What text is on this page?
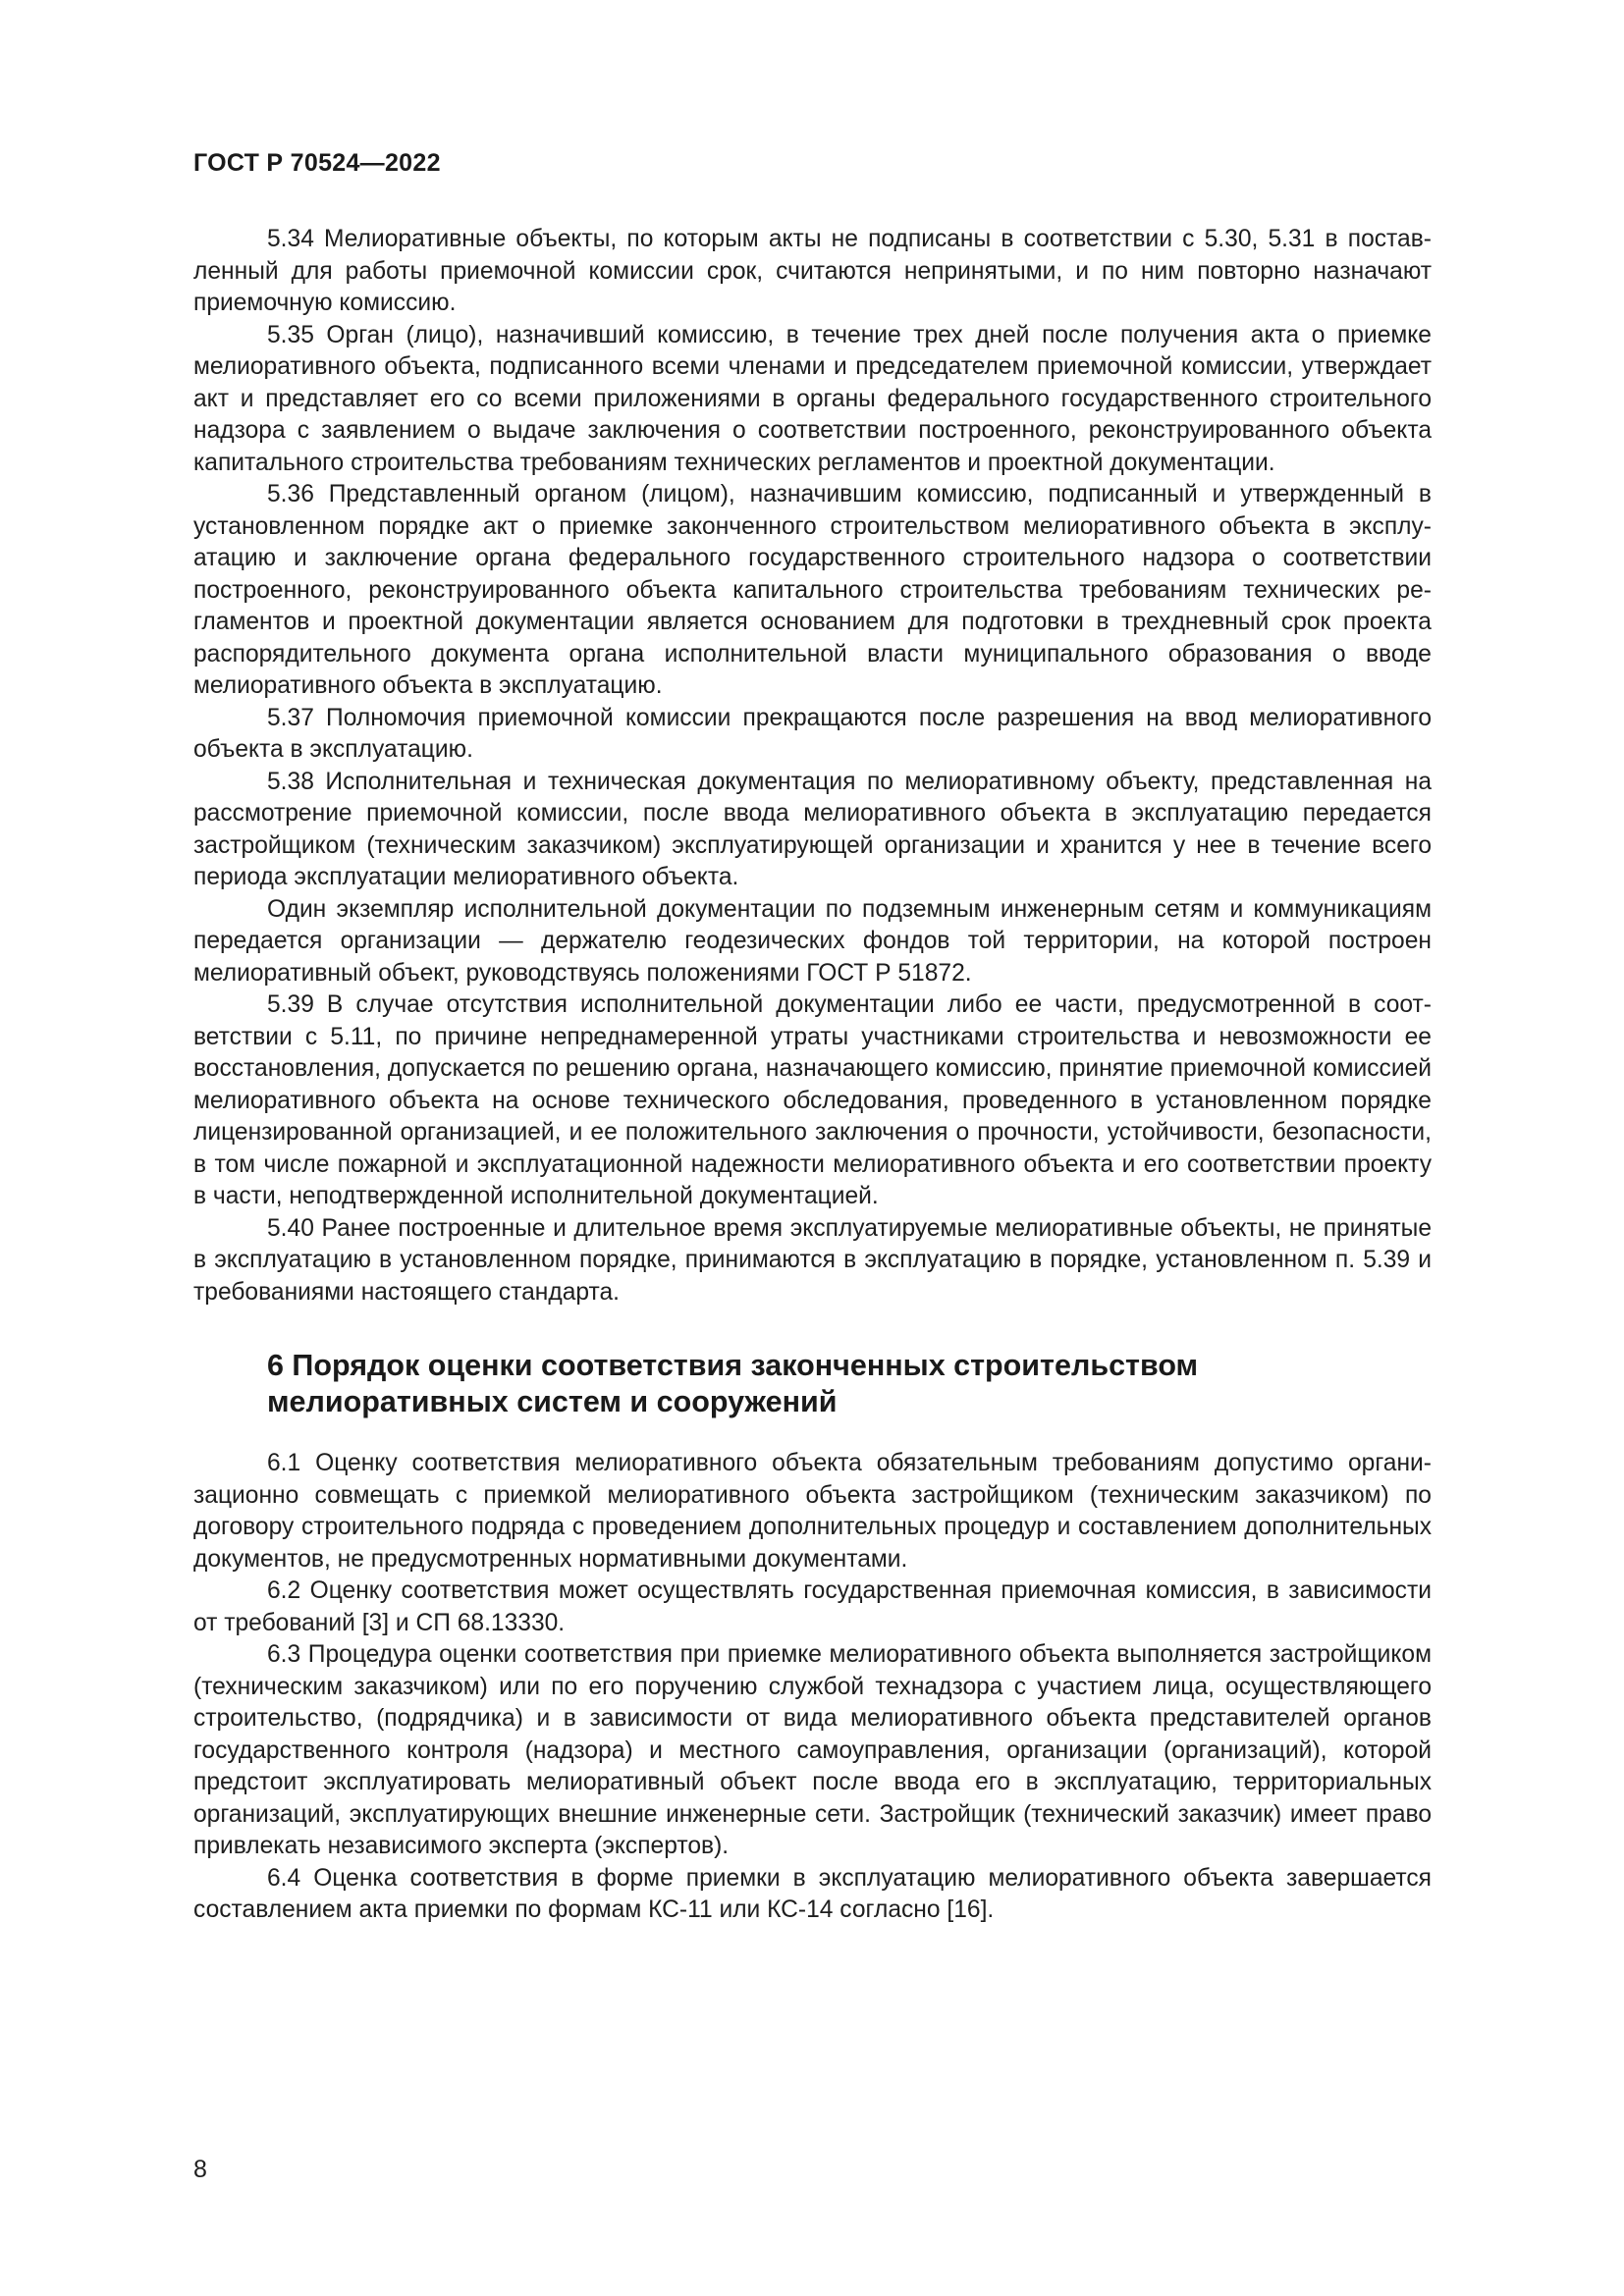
ГОСТ Р 70524—2022

5.34 Мелиоративные объекты, по которым акты не подписаны в соответствии с 5.30, 5.31 в поставленный для работы приемочной комиссии срок, считаются непринятыми, и по ним повторно назначают приемочную комиссию.

5.35 Орган (лицо), назначивший комиссию, в течение трех дней после получения акта о приемке мелиоративного объекта, подписанного всеми членами и председателем приемочной комиссии, утверждает акт и представляет его со всеми приложениями в органы федерального государственного строительного надзора с заявлением о выдаче заключения о соответствии построенного, реконструированного объекта капитального строительства требованиям технических регламентов и проектной документации.

5.36 Представленный органом (лицом), назначившим комиссию, подписанный и утвержденный в установленном порядке акт о приемке законченного строительством мелиоративного объекта в эксплуатацию и заключение органа федерального государственного строительного надзора о соответствии построенного, реконструированного объекта капитального строительства требованиям технических регламентов и проектной документации является основанием для подготовки в трехдневный срок проекта распорядительного документа органа исполнительной власти муниципального образования о вводе мелиоративного объекта в эксплуатацию.

5.37 Полномочия приемочной комиссии прекращаются после разрешения на ввод мелиоративного объекта в эксплуатацию.

5.38 Исполнительная и техническая документация по мелиоративному объекту, представленная на рассмотрение приемочной комиссии, после ввода мелиоративного объекта в эксплуатацию передается застройщиком (техническим заказчиком) эксплуатирующей организации и хранится у нее в течение всего периода эксплуатации мелиоративного объекта.

Один экземпляр исполнительной документации по подземным инженерным сетям и коммуникациям передается организации — держателю геодезических фондов той территории, на которой построен мелиоративный объект, руководствуясь положениями ГОСТ Р 51872.

5.39 В случае отсутствия исполнительной документации либо ее части, предусмотренной в соответствии с 5.11, по причине непреднамеренной утраты участниками строительства и невозможности ее восстановления, допускается по решению органа, назначающего комиссию, принятие приемочной комиссией мелиоративного объекта на основе технического обследования, проведенного в установленном порядке лицензированной организацией, и ее положительного заключения о прочности, устойчивости, безопасности, в том числе пожарной и эксплуатационной надежности мелиоративного объекта и его соответствии проекту в части, неподтвержденной исполнительной документацией.

5.40 Ранее построенные и длительное время эксплуатируемые мелиоративные объекты, не принятые в эксплуатацию в установленном порядке, принимаются в эксплуатацию в порядке, установленном п. 5.39 и требованиями настоящего стандарта.

6 Порядок оценки соответствия законченных строительством
мелиоративных систем и сооружений

6.1 Оценку соответствия мелиоративного объекта обязательным требованиям допустимо организационно совмещать с приемкой мелиоративного объекта застройщиком (техническим заказчиком) по договору строительного подряда с проведением дополнительных процедур и составлением дополнительных документов, не предусмотренных нормативными документами.

6.2 Оценку соответствия может осуществлять государственная приемочная комиссия, в зависимости от требований [3] и СП 68.13330.

6.3 Процедура оценки соответствия при приемке мелиоративного объекта выполняется застройщиком (техническим заказчиком) или по его поручению службой технадзора с участием лица, осуществляющего строительство, (подрядчика) и в зависимости от вида мелиоративного объекта представителей органов государственного контроля (надзора) и местного самоуправления, организации (организаций), которой предстоит эксплуатировать мелиоративный объект после ввода его в эксплуатацию, территориальных организаций, эксплуатирующих внешние инженерные сети. Застройщик (технический заказчик) имеет право привлекать независимого эксперта (экспертов).

6.4 Оценка соответствия в форме приемки в эксплуатацию мелиоративного объекта завершается составлением акта приемки по формам КС-11 или КС-14 согласно [16].

8
